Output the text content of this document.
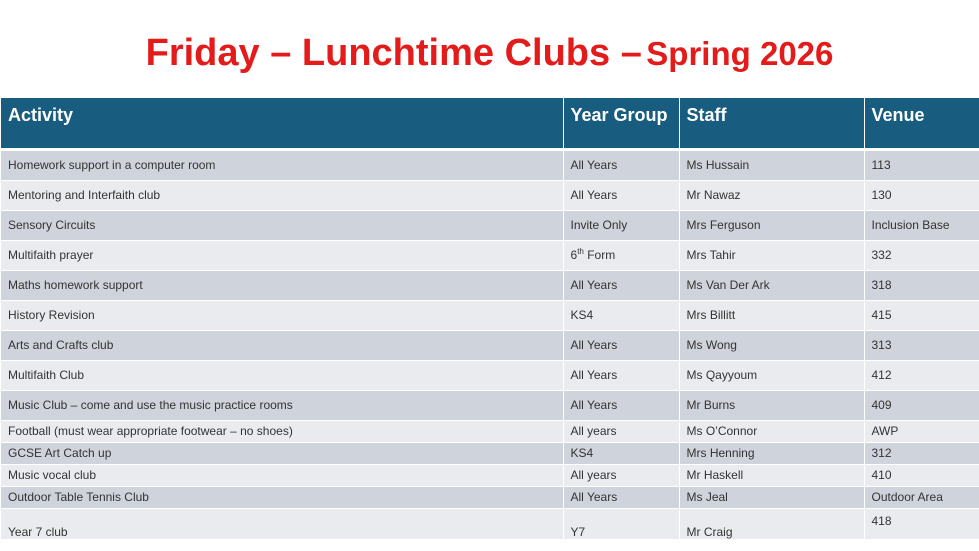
Friday – Lunchtime Clubs – Spring 2026
Activity	Year Group	Staff	Venue
Homework support in a computer room	All Years	Ms Hussain	113
Mentoring and Interfaith club	All Years	Mr Nawaz	130
Sensory Circuits	Invite Only	Mrs Ferguson	Inclusion Base
Multifaith prayer	6th Form	Mrs Tahir	332
Maths homework support	All Years	Ms Van Der Ark	318
History Revision	KS4	Mrs Billitt	415
Arts and Crafts club	All Years	Ms Wong	313
Multifaith Club	All Years	Ms Qayyoum	412
Music Club – come and use the music practice rooms	All Years	Mr Burns	409
Football (must wear appropriate footwear – no shoes)	All years	Ms O’Connor	AWP
GCSE Art Catch up	KS4	Mrs Henning	312
Music vocal club	All years	Mr Haskell	410
Outdoor Table Tennis Club	All Years	Ms Jeal	Outdoor Area

Year 7 club	Y7	Mr Craig	418
